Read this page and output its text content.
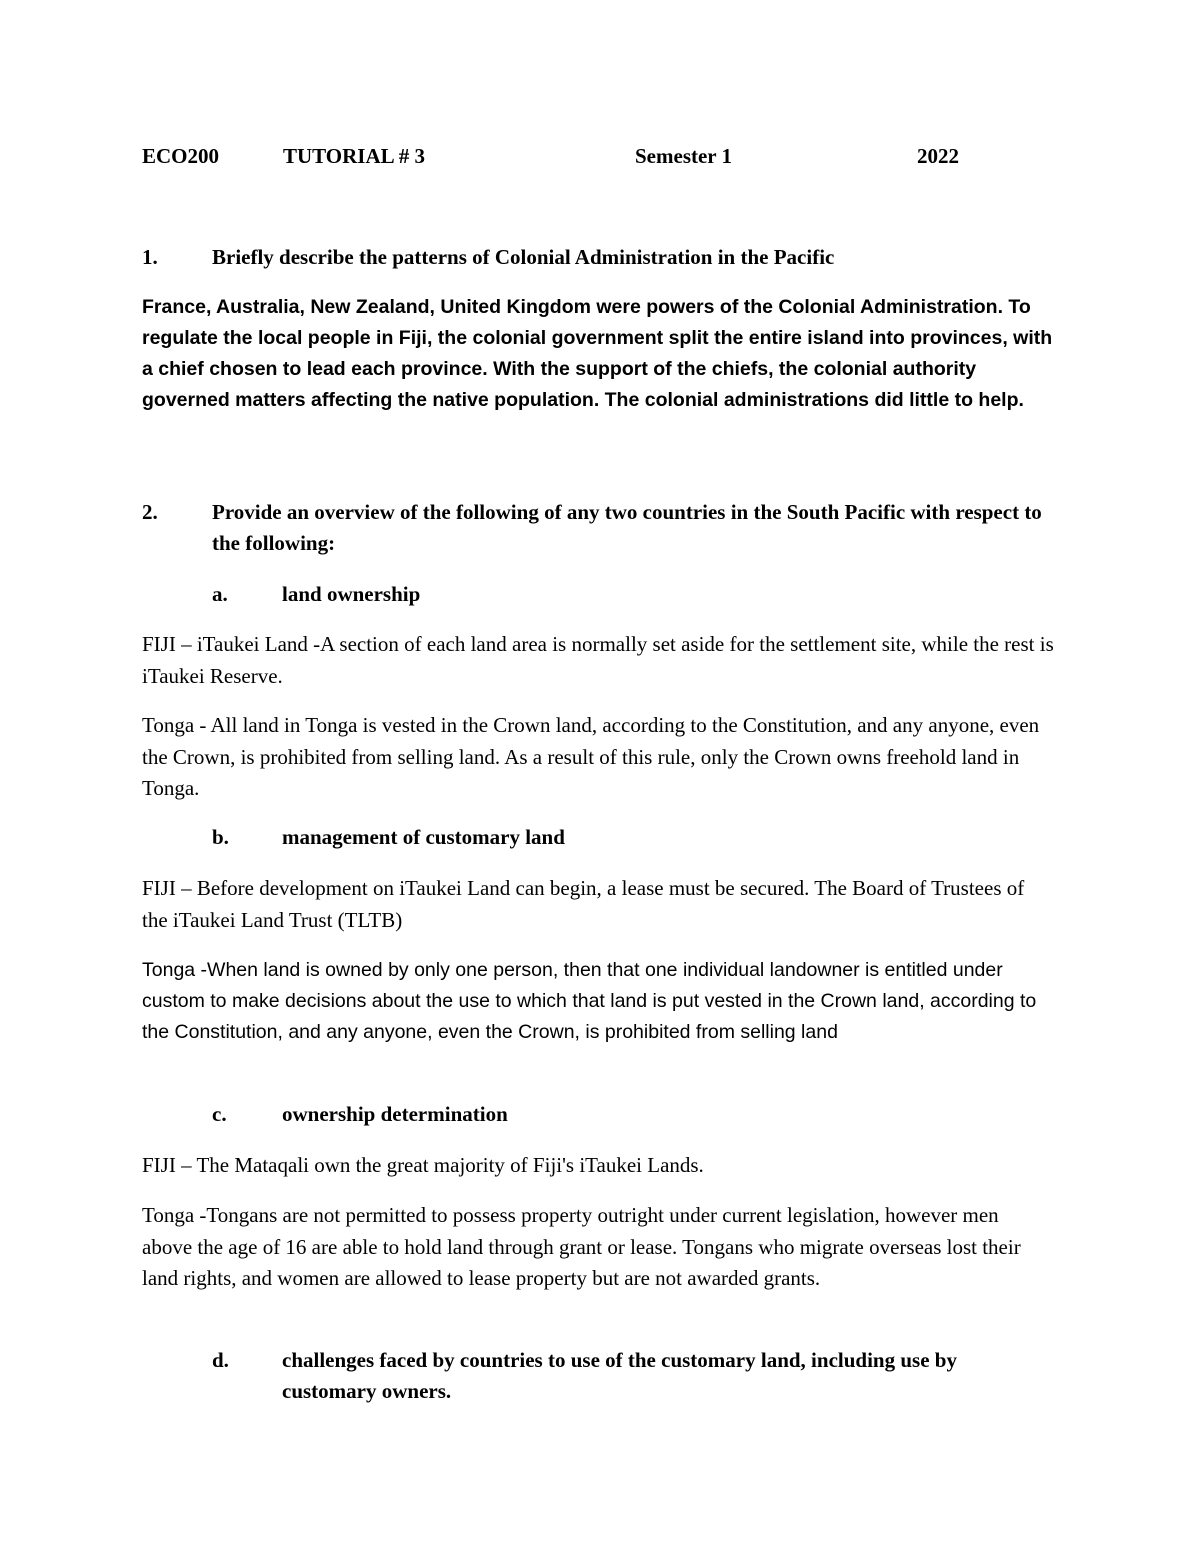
ECO200	TUTORIAL # 3	Semester 1	2022
1.	Briefly describe the patterns of Colonial Administration in the Pacific
France, Australia, New Zealand, United Kingdom were powers of the Colonial Administration. To regulate the local people in Fiji, the colonial government split the entire island into provinces, with a chief chosen to lead each province. With the support of the chiefs, the colonial authority governed matters affecting the native population. The colonial administrations did little to help.
2.	Provide an overview of the following of any two countries in the South Pacific with respect to the following:
a.	land ownership
FIJI – iTaukei Land -A section of each land area is normally set aside for the settlement site, while the rest is iTaukei Reserve.
Tonga - All land in Tonga is vested in the Crown land, according to the Constitution, and any anyone, even the Crown, is prohibited from selling land. As a result of this rule, only the Crown owns freehold land in Tonga.
b.	management of customary land
FIJI – Before development on iTaukei Land can begin, a lease must be secured. The Board of Trustees of the iTaukei Land Trust (TLTB)
Tonga -When land is owned by only one person, then that one individual landowner is entitled under custom to make decisions about the use to which that land is put vested in the Crown land, according to the Constitution, and any anyone, even the Crown, is prohibited from selling land
c.	ownership determination
FIJI – The Mataqali own the great majority of Fiji's iTaukei Lands.
Tonga -Tongans are not permitted to possess property outright under current legislation, however men above the age of 16 are able to hold land through grant or lease. Tongans who migrate overseas lost their land rights, and women are allowed to lease property but are not awarded grants.
d.	challenges faced by countries to use of the customary land, including use by customary owners.
